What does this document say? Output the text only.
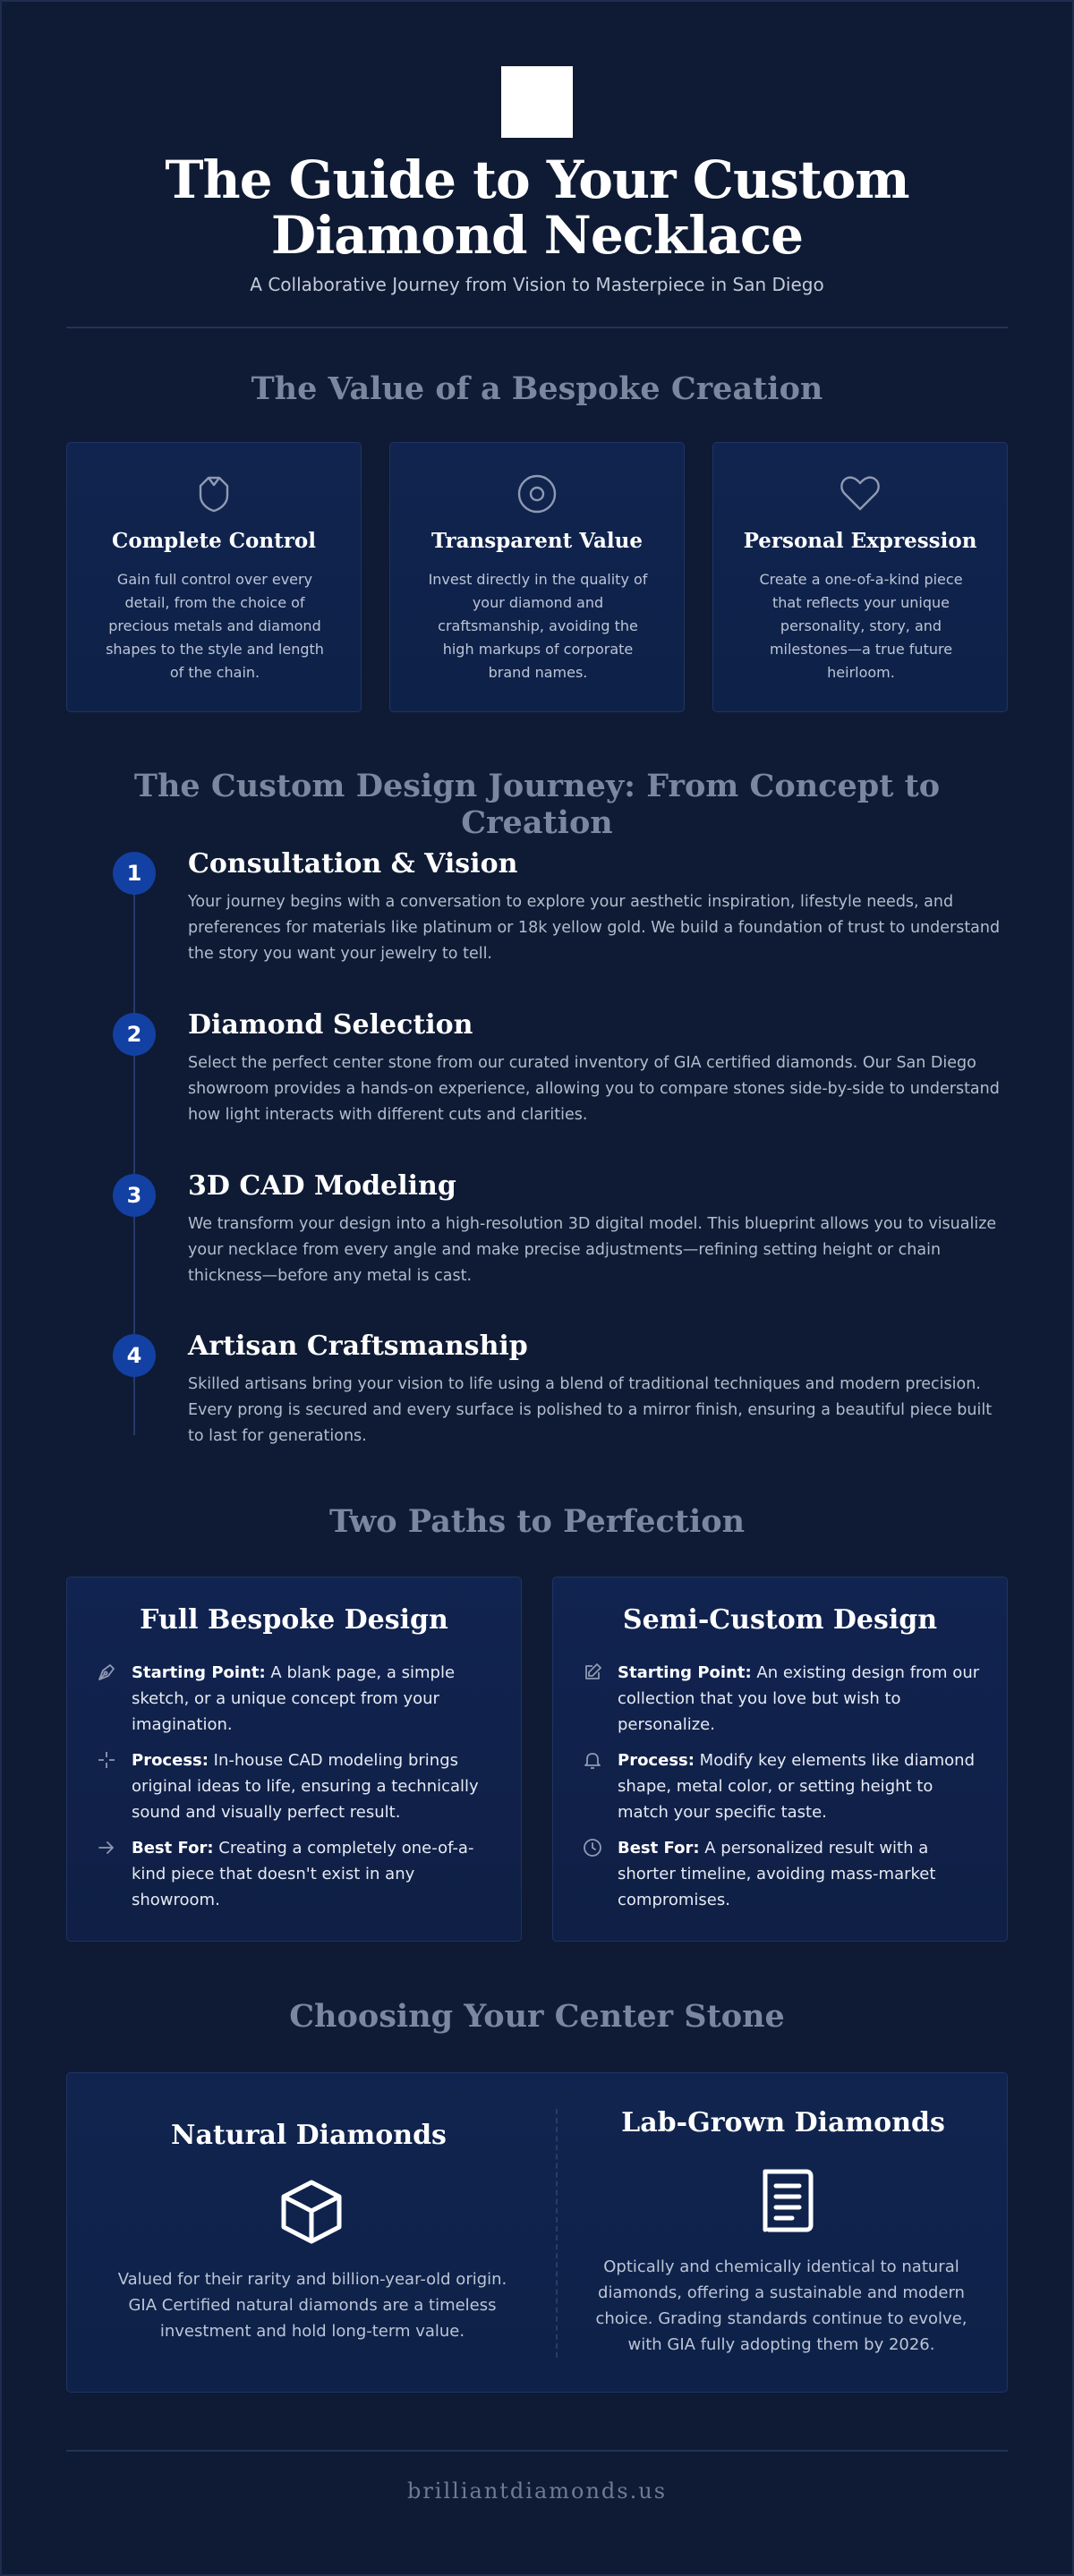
The Guide to Your Custom Diamond Necklace
A Collaborative Journey from Vision to Masterpiece in San Diego
The Value of a Bespoke Creation
Complete Control
Gain full control over every detail, from the choice of precious metals and diamond shapes to the style and length of the chain.
Transparent Value
Invest directly in the quality of your diamond and craftsmanship, avoiding the high markups of corporate brand names.
Personal Expression
Create a one-of-a-kind piece that reflects your unique personality, story, and milestones—a true future heirloom.
The Custom Design Journey: From Concept to Creation
1	Consultation & Vision
Your journey begins with a conversation to explore your aesthetic inspiration, lifestyle needs, and preferences for materials like platinum or 18k yellow gold. We build a foundation of trust to understand the story you want your jewelry to tell.
2	Diamond Selection
Select the perfect center stone from our curated inventory of GIA certified diamonds. Our San Diego showroom provides a hands-on experience, allowing you to compare stones side-by-side to understand how light interacts with different cuts and clarities.
3	3D CAD Modeling
We transform your design into a high-resolution 3D digital model. This blueprint allows you to visualize your necklace from every angle and make precise adjustments—refining setting height or chain thickness—before any metal is cast.
4	Artisan Craftsmanship
Skilled artisans bring your vision to life using a blend of traditional techniques and modern precision. Every prong is secured and every surface is polished to a mirror finish, ensuring a beautiful piece built to last for generations.
Two Paths to Perfection
Full Bespoke Design
Starting Point: A blank page, a simple sketch, or a unique concept from your imagination.
Process: In-house CAD modeling brings original ideas to life, ensuring a technically sound and visually perfect result.
Best For: Creating a completely one-of-a-kind piece that doesn't exist in any showroom.
Semi-Custom Design
Starting Point: An existing design from our collection that you love but wish to personalize.
Process: Modify key elements like diamond shape, metal color, or setting height to match your specific taste.
Best For: A personalized result with a shorter timeline, avoiding mass-market compromises.
Choosing Your Center Stone
Natural Diamonds
Valued for their rarity and billion-year-old origin. GIA Certified natural diamonds are a timeless investment and hold long-term value.
Lab-Grown Diamonds
Optically and chemically identical to natural diamonds, offering a sustainable and modern choice. Grading standards continue to evolve, with GIA fully adopting them by 2026.
brilliantdiamonds.us
